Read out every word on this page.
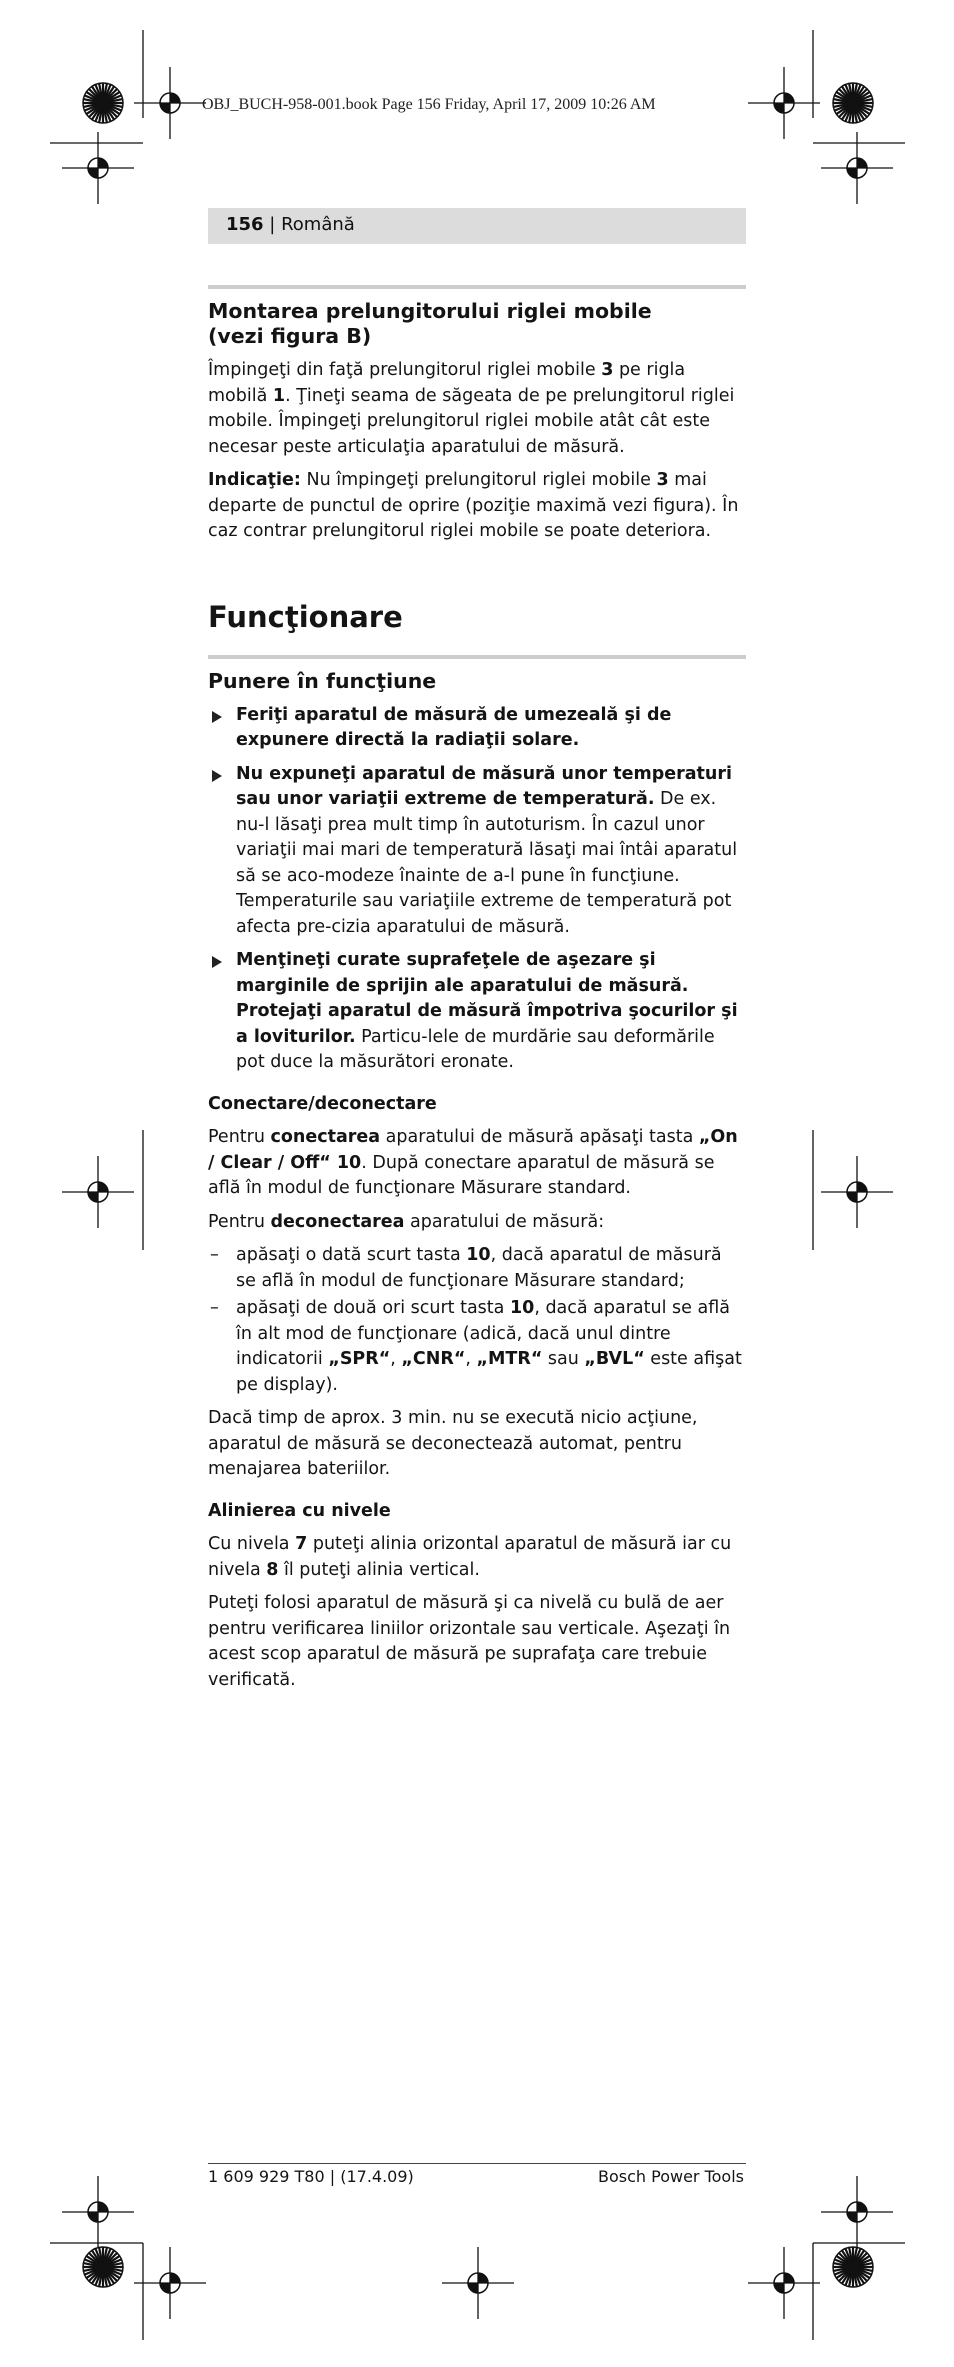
OBJ_BUCH-958-001.book Page 156 Friday, April 17, 2009 10:26 AM
156 | Română
Montarea prelungitorului riglei mobile
(vezi figura B)

Împingeţi din faţă prelungitorul riglei mobile 3 pe rigla mobilă 1. Ţineţi seama de săgeata de pe prelungitorul riglei mobile. Împingeţi prelungitorul riglei mobile atât cât este necesar peste articulaţia aparatului de măsură.

Indicaţie: Nu împingeţi prelungitorul riglei mobile 3 mai departe de punctul de oprire (poziţie maximă vezi figura). În caz contrar prelungitorul riglei mobile se poate deteriora.

Funcţionare
Punere în funcţiune
Feriţi aparatul de măsură de umezeală şi de expunere directă la radiaţii solare.
Nu expuneţi aparatul de măsură unor temperaturi sau unor variaţii extreme de temperatură. De ex. nu-l lăsaţi prea mult timp în autoturism. În cazul unor variaţii mai mari de temperatură lăsaţi mai întâi aparatul să se aco-modeze înainte de a-l pune în funcţiune. Temperaturile sau variaţiile extreme de temperatură pot afecta pre-cizia aparatului de măsură.
Menţineţi curate suprafeţele de aşezare şi marginile de sprijin ale aparatului de măsură. Protejaţi aparatul de măsură împotriva şocurilor şi a loviturilor. Particu-lele de murdărie sau deformările pot duce la măsurători eronate.
Conectare/deconectare

Pentru conectarea aparatului de măsură apăsaţi tasta „On / Clear / Off“ 10. După conectare aparatul de măsură se află în modul de funcţionare Măsurare standard.

Pentru deconectarea aparatului de măsură:

– apăsaţi o dată scurt tasta 10, dacă aparatul de măsură se află în modul de funcţionare Măsurare standard;
– apăsaţi de două ori scurt tasta 10, dacă aparatul se află în alt mod de funcţionare (adică, dacă unul dintre indicatorii „SPR“, „CNR“, „MTR“ sau „BVL“ este afişat pe display).

Dacă timp de aprox. 3 min. nu se execută nicio acţiune, aparatul de măsură se deconectează automat, pentru menajarea bateriilor.

Alinierea cu nivele

Cu nivela 7 puteţi alinia orizontal aparatul de măsură iar cu nivela 8 îl puteţi alinia vertical.

Puteţi folosi aparatul de măsură şi ca nivelă cu bulă de aer pentru verificarea liniilor orizontale sau verticale. Aşezaţi în acest scop aparatul de măsură pe suprafaţa care trebuie verificată.

1 609 929 T80 | (17.4.09)	Bosch Power Tools
